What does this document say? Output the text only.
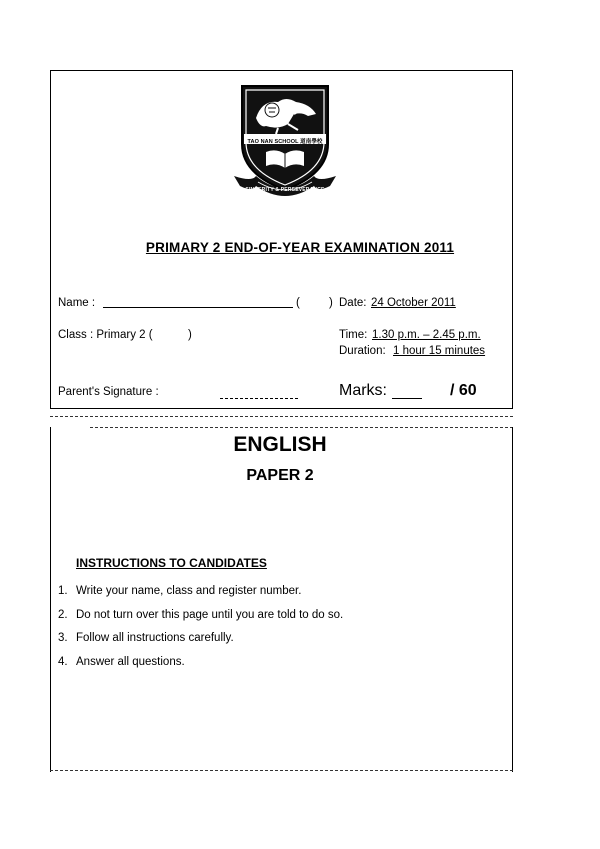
TAO NAN SCHOOL 道南學校
SINCERITY & PERSEVERANCE
PRIMARY 2 END-OF-YEAR EXAMINATION 2011
Name :	(	) Date: 24 October 2011
Class : Primary 2 (	)	Time: 1.30 p.m. – 2.45 p.m.
Duration: 1 hour 15 minutes
Parent's Signature :	Marks:	/ 60
ENGLISH
PAPER 2
INSTRUCTIONS TO CANDIDATES
1. Write your name, class and register number.
2. Do not turn over this page until you are told to do so.
3. Follow all instructions carefully.
4. Answer all questions.
